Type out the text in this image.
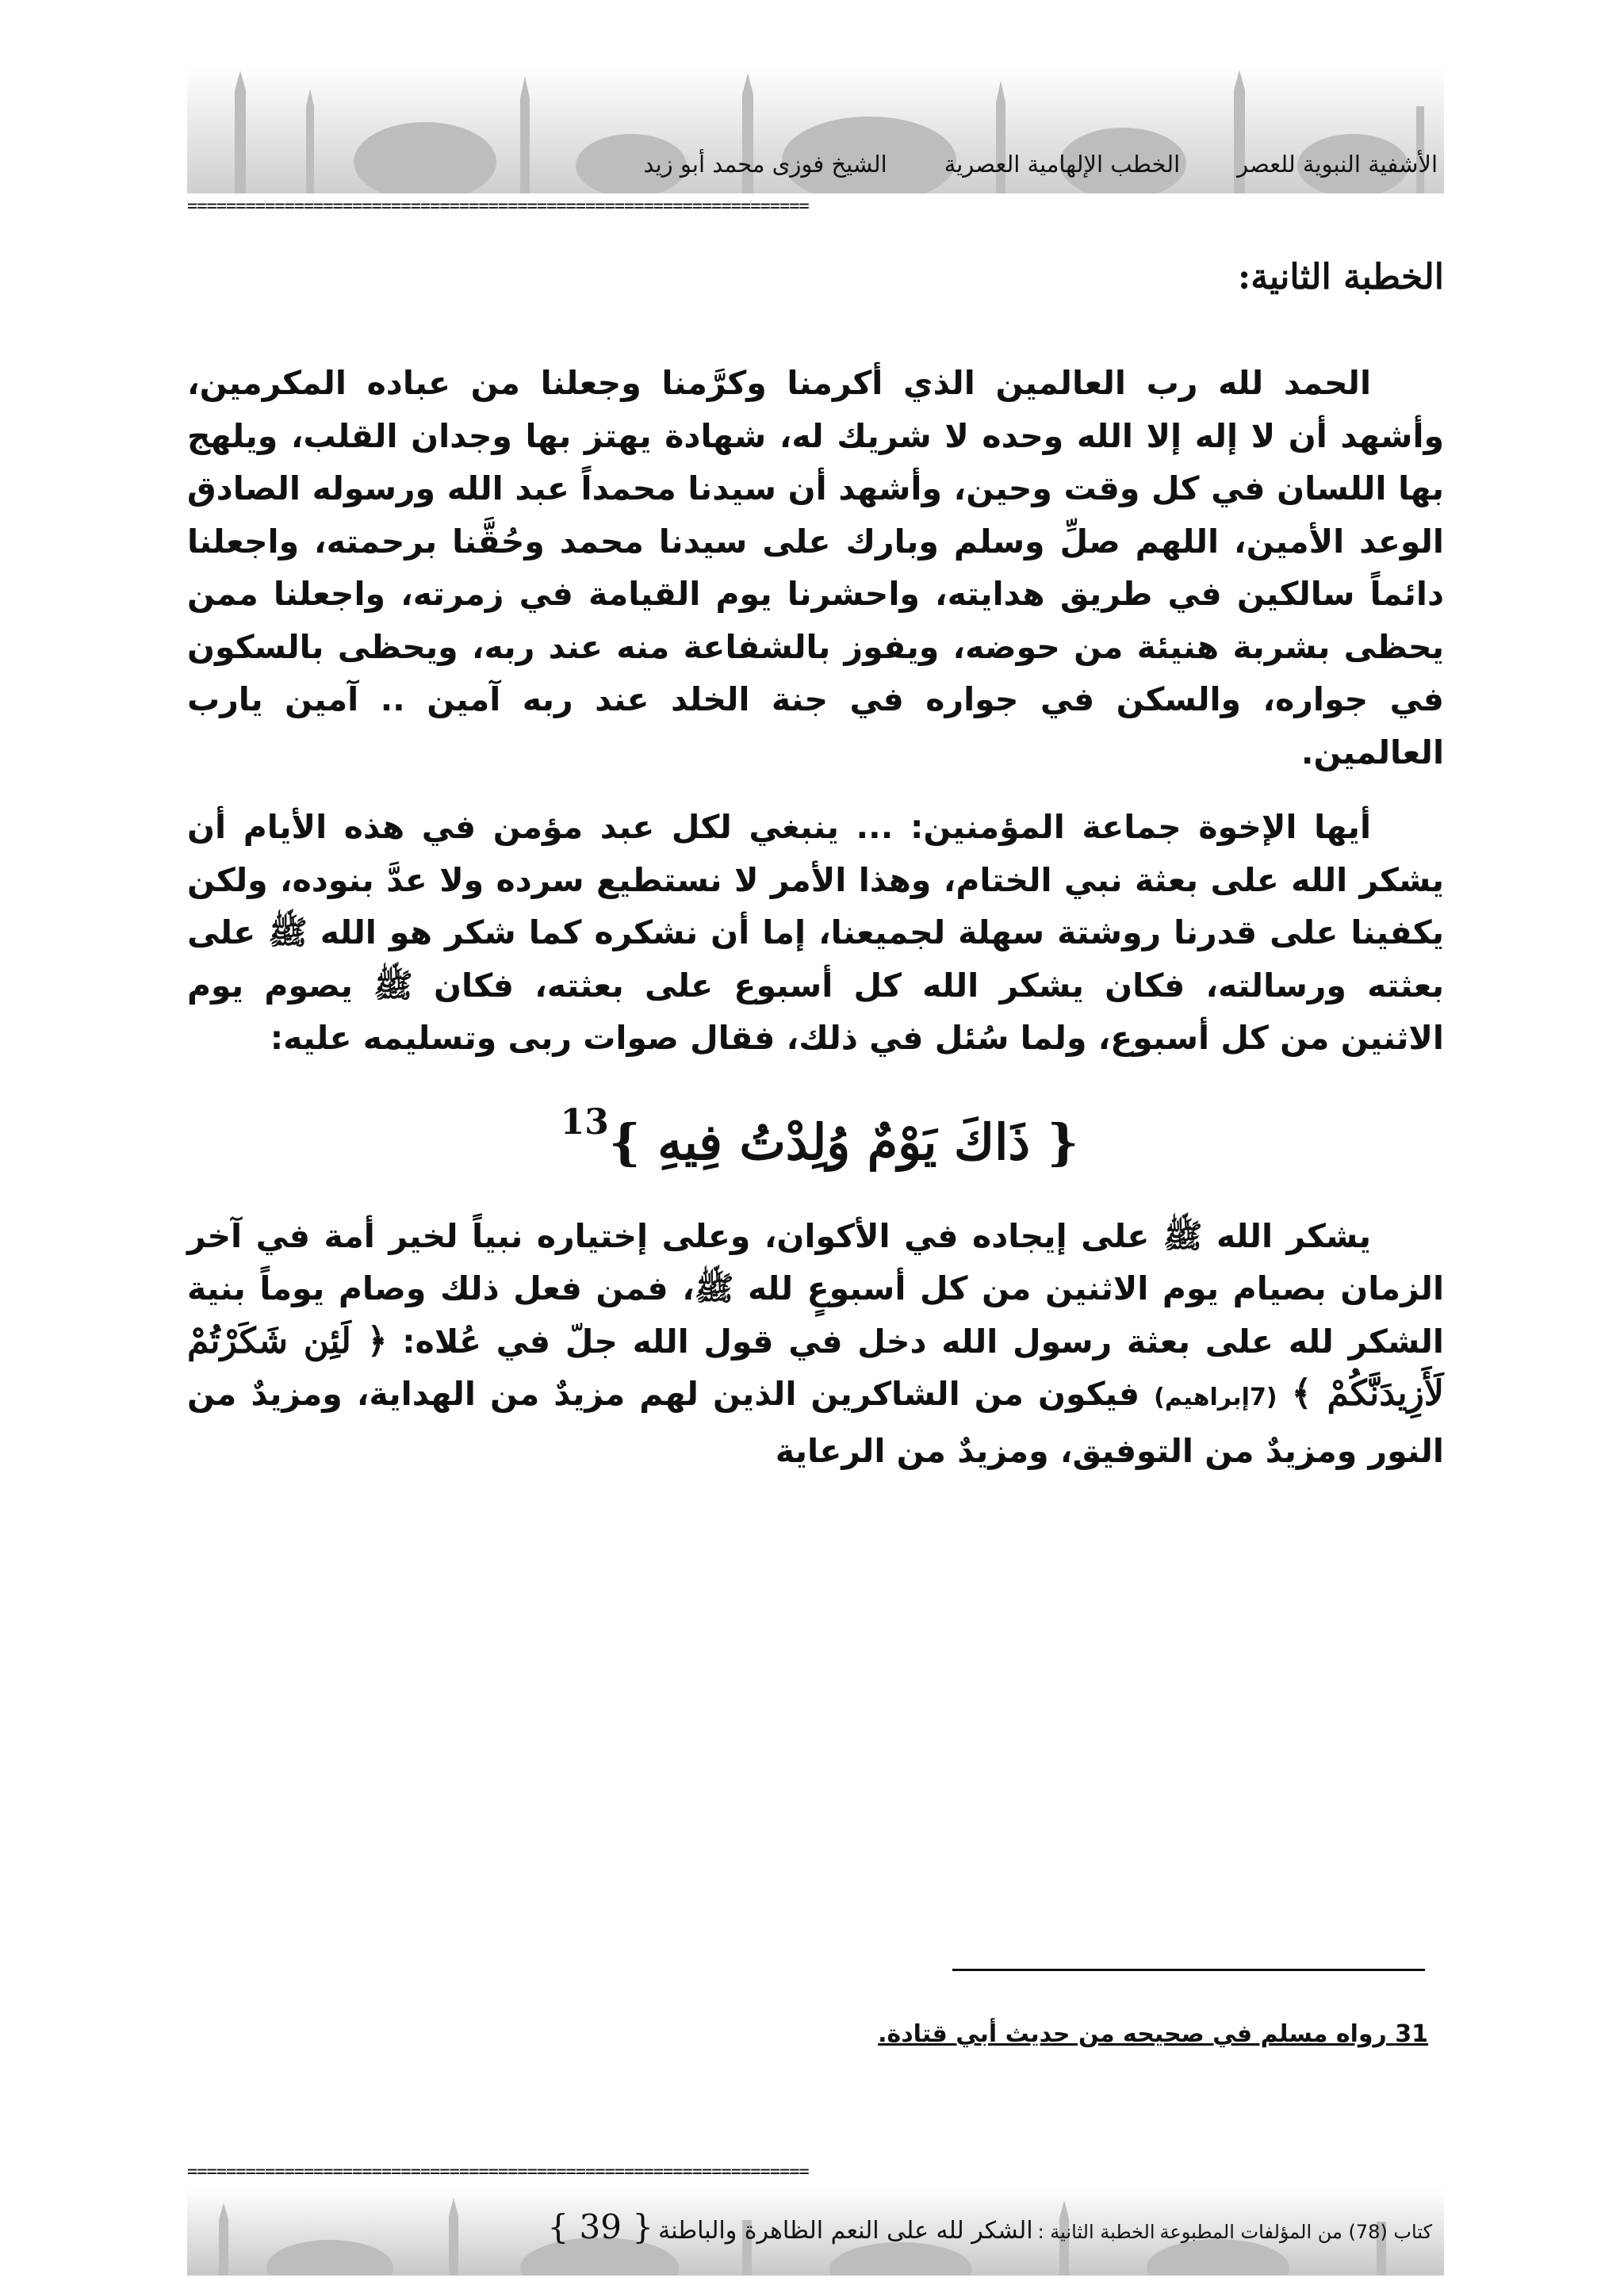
الأشفية النبوية للعصر
الخطب الإلهامية العصرية
الشيخ فوزى محمد أبو زيد
================================================================
الخطبة الثانية:

الحمد لله رب العالمين الذي أكرمنا وكرَّمنا وجعلنا من عباده المكرمين، وأشهد أن لا إله إلا الله وحده لا شريك له، شهادة يهتز بها وجدان القلب، ويلهج بها اللسان في كل وقت وحين، وأشهد أن سيدنا محمداً عبد الله ورسوله الصادق الوعد الأمين، اللهم صلِّ وسلم وبارك على سيدنا محمد وحُقَّنا برحمته، واجعلنا دائماً سالكين في طريق هدايته، واحشرنا يوم القيامة في زمرته، واجعلنا ممن يحظى بشربة هنيئة من حوضه، ويفوز بالشفاعة منه عند ربه، ويحظى بالسكون في جواره، والسكن في جواره في جنة الخلد عند ربه آمين .. آمين يارب العالمين.

أيها الإخوة جماعة المؤمنين: ... ينبغي لكل عبد مؤمن في هذه الأيام أن يشكر الله على بعثة نبي الختام، وهذا الأمر لا نستطيع سرده ولا عدَّ بنوده، ولكن يكفينا على قدرنا روشتة سهلة لجميعنا، إما أن نشكره كما شكر هو الله ﷺ على بعثته ورسالته، فكان يشكر الله كل أسبوع على بعثته، فكان ﷺ يصوم يوم الاثنين من كل أسبوع، ولما سُئل في ذلك، فقال صوات ربى وتسليمه عليه:

{ ذَاكَ يَوْمٌ وُلِدْتُ فِيهِ }$^{13}$

يشكر الله ﷺ على إيجاده في الأكوان، وعلى إختياره نبياً لخير أمة في آخر الزمان بصيام يوم الاثنين من كل أسبوعٍ لله ﷺ، فمن فعل ذلك وصام يوماً بنية الشكر لله على بعثة رسول الله دخل في قول الله جلّ في عُلاه: ﴿ لَئِن شَكَرْتُمْ لَأَزِيدَنَّكُمْ ﴾ (7إبراهيم) فيكون من الشاكرين الذين لهم مزيدٌ من الهداية، ومزيدٌ من النور ومزيدٌ من التوفيق، ومزيدٌ من الرعاية

31 رواه مسلم في صحيحه من حديث أبي قتادة.
================================================================
كتاب (78) من المؤلفات المطبوعة
الخطبة الثانية :
الشكر لله على النعم الظاهرة والباطنة
{ 39 }
